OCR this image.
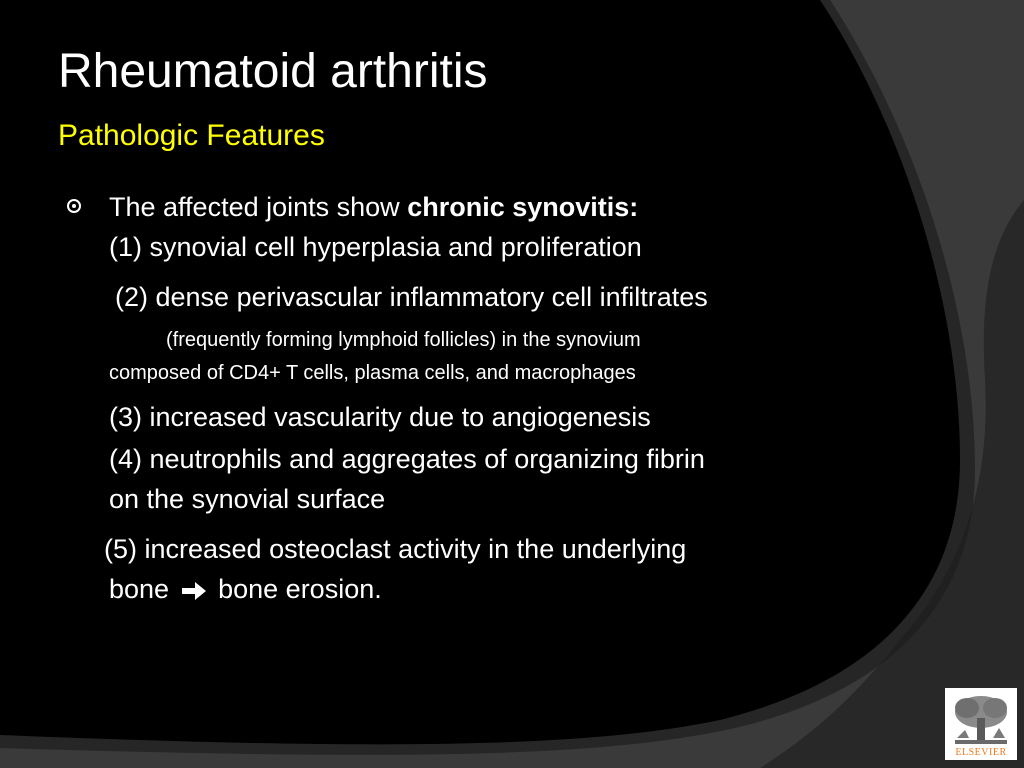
Rheumatoid arthritis
Pathologic Features
The affected joints show chronic synovitis:
(1) synovial cell hyperplasia and proliferation
(2) dense perivascular inflammatory cell infiltrates
(frequently forming lymphoid follicles) in the synovium
composed of CD4+ T cells, plasma cells, and macrophages
(3) increased vascularity due to angiogenesis
(4) neutrophils and aggregates of organizing fibrin
on the synovial surface
(5) increased osteoclast activity in the underlying
bone bone erosion.
ELSEVIER
